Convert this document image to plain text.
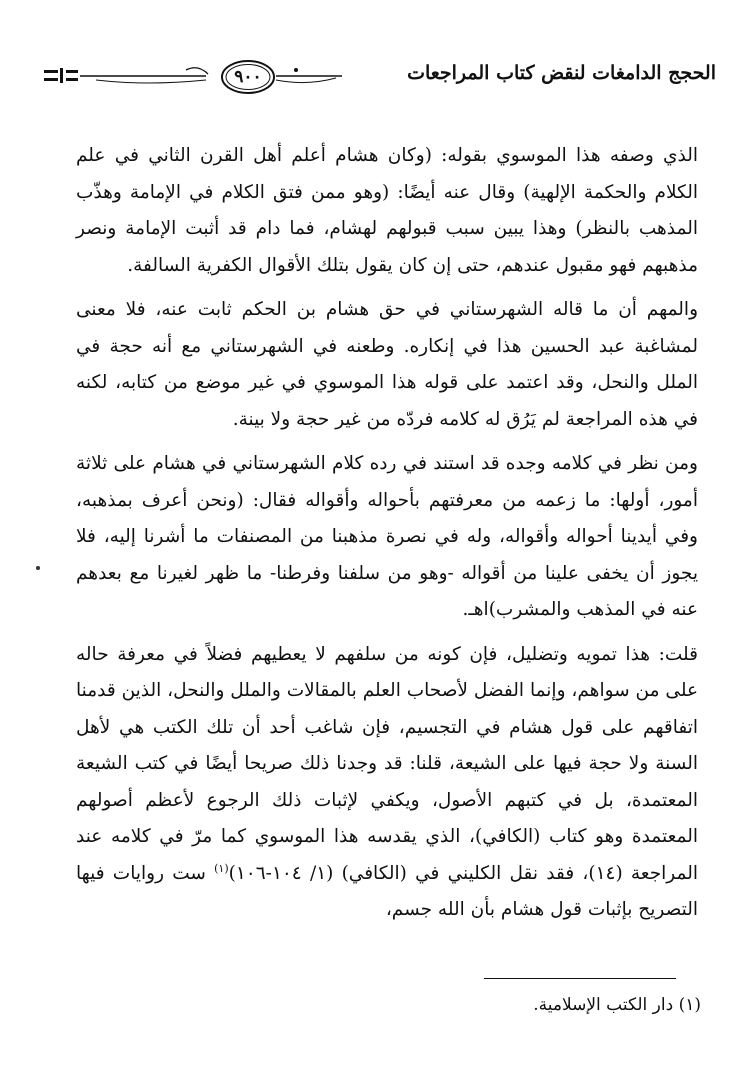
٩٠٠	الحجج الدامغات لنقض كتاب المراجعات

الذي وصفه هذا الموسوي بقوله: (وكان هشام أعلم أهل القرن الثاني في علم الكلام والحكمة الإلهية) وقال عنه أيضًا: (وهو ممن فتق الكلام في الإمامة وهذّب المذهب بالنظر) وهذا يبين سبب قبولهم لهشام، فما دام قد أثبت الإمامة ونصر مذهبهم فهو مقبول عندهم، حتى إن كان يقول بتلك الأقوال الكفرية السالفة.

والمهم أن ما قاله الشهرستاني في حق هشام بن الحكم ثابت عنه، فلا معنى لمشاغبة عبد الحسين هذا في إنكاره. وطعنه في الشهرستاني مع أنه حجة في الملل والنحل، وقد اعتمد على قوله هذا الموسوي في غير موضع من كتابه، لكنه في هذه المراجعة لم يَرُق له كلامه فردّه من غير حجة ولا بينة.

ومن نظر في كلامه وجده قد استند في رده كلام الشهرستاني في هشام على ثلاثة أمور، أولها: ما زعمه من معرفتهم بأحواله وأقواله فقال: (ونحن أعرف بمذهبه، وفي أيدينا أحواله وأقواله، وله في نصرة مذهبنا من المصنفات ما أشرنا إليه، فلا يجوز أن يخفى علينا من أقواله -وهو من سلفنا وفرطنا- ما ظهر لغيرنا مع بعدهم عنه في المذهب والمشرب)اهـ.

قلت: هذا تمويه وتضليل، فإن كونه من سلفهم لا يعطيهم فضلاً في معرفة حاله على من سواهم، وإنما الفضل لأصحاب العلم بالمقالات والملل والنحل، الذين قدمنا اتفاقهم على قول هشام في التجسيم، فإن شاغب أحد أن تلك الكتب هي لأهل السنة ولا حجة فيها على الشيعة، قلنا: قد وجدنا ذلك صريحا أيضًا في كتب الشيعة المعتمدة، بل في كتبهم الأصول، ويكفي لإثبات ذلك الرجوع لأعظم أصولهم المعتمدة وهو كتاب (الكافي)، الذي يقدسه هذا الموسوي كما مرّ في كلامه عند المراجعة (١٤)، فقد نقل الكليني في (الكافي) (١/ ١٠٤-١٠٦)$^{(١)}$ ست روايات فيها التصريح بإثبات قول هشام بأن الله جسم،

(١) دار الكتب الإسلامية.
